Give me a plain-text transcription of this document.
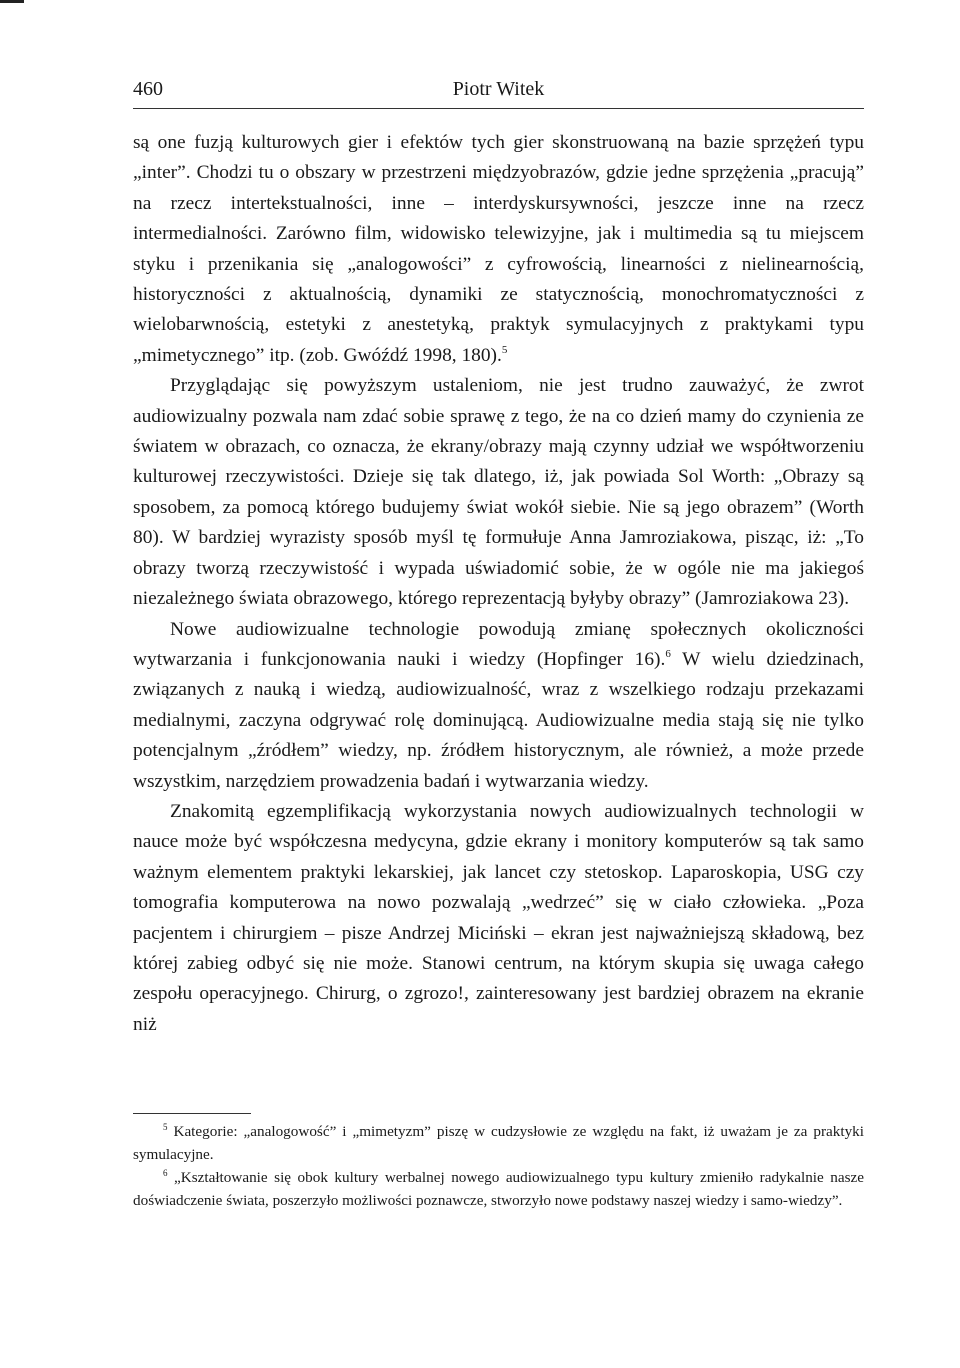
460	Piotr Witek

są one fuzją kulturowych gier i efektów tych gier skonstruowaną na bazie sprzężeń typu „inter”. Chodzi tu o obszary w przestrzeni międzyobrazów, gdzie jedne sprzężenia „pracują” na rzecz intertekstualności, inne – interdyskursywności, jeszcze inne na rzecz intermedialności. Zarówno film, widowisko telewizyjne, jak i multimedia są tu miejscem styku i przenikania się „analogowości” z cyfrowością, linearności z nielinearnością, historyczności z aktualnością, dynamiki ze statycznością, monochromatyczności z wielobarwnością, estetyki z anestetyką, praktyk symulacyjnych z praktykami typu „mimetycznego” itp. (zob. Gwóźdź 1998, 180).$^5$

Przyglądając się powyższym ustaleniom, nie jest trudno zauważyć, że zwrot audiowizualny pozwala nam zdać sobie sprawę z tego, że na co dzień mamy do czynienia ze światem w obrazach, co oznacza, że ekrany/obrazy mają czynny udział we współtworzeniu kulturowej rzeczywistości. Dzieje się tak dlatego, iż, jak powiada Sol Worth: „Obrazy są sposobem, za pomocą którego budujemy świat wokół siebie. Nie są jego obrazem” (Worth 80). W bardziej wyrazisty sposób myśl tę formułuje Anna Jamroziakowa, pisząc, iż: „To obrazy tworzą rzeczywistość i wypada uświadomić sobie, że w ogóle nie ma jakiegoś niezależnego świata obrazowego, którego reprezentacją byłyby obrazy” (Jamroziakowa 23).

Nowe audiowizualne technologie powodują zmianę społecznych okoliczności wytwarzania i funkcjonowania nauki i wiedzy (Hopfinger 16).$^6$ W wielu dziedzinach, związanych z nauką i wiedzą, audiowizualność, wraz z wszelkiego rodzaju przekazami medialnymi, zaczyna odgrywać rolę dominującą. Audiowizualne media stają się nie tylko potencjalnym „źródłem” wiedzy, np. źródłem historycznym, ale również, a może przede wszystkim, narzędziem prowadzenia badań i wytwarzania wiedzy.

Znakomitą egzemplifikacją wykorzystania nowych audiowizualnych technologii w nauce może być współczesna medycyna, gdzie ekrany i monitory komputerów są tak samo ważnym elementem praktyki lekarskiej, jak lancet czy stetoskop. Laparoskopia, USG czy tomografia komputerowa na nowo pozwalają „wedrzeć” się w ciało człowieka. „Poza pacjentem i chirurgiem – pisze Andrzej Miciński – ekran jest najważniejszą składową, bez której zabieg odbyć się nie może. Stanowi centrum, na którym skupia się uwaga całego zespołu operacyjnego. Chirurg, o zgrozo!, zainteresowany jest bardziej obrazem na ekranie niż

$^5$ Kategorie: „analogowość” i „mimetyzm” piszę w cudzysłowie ze względu na fakt, iż uważam je za praktyki symulacyjne.

$^6$ „Kształtowanie się obok kultury werbalnej nowego audiowizualnego typu kultury zmieniło radykalnie nasze doświadczenie świata, poszerzyło możliwości poznawcze, stworzyło nowe podstawy naszej wiedzy i samo-wiedzy”.
